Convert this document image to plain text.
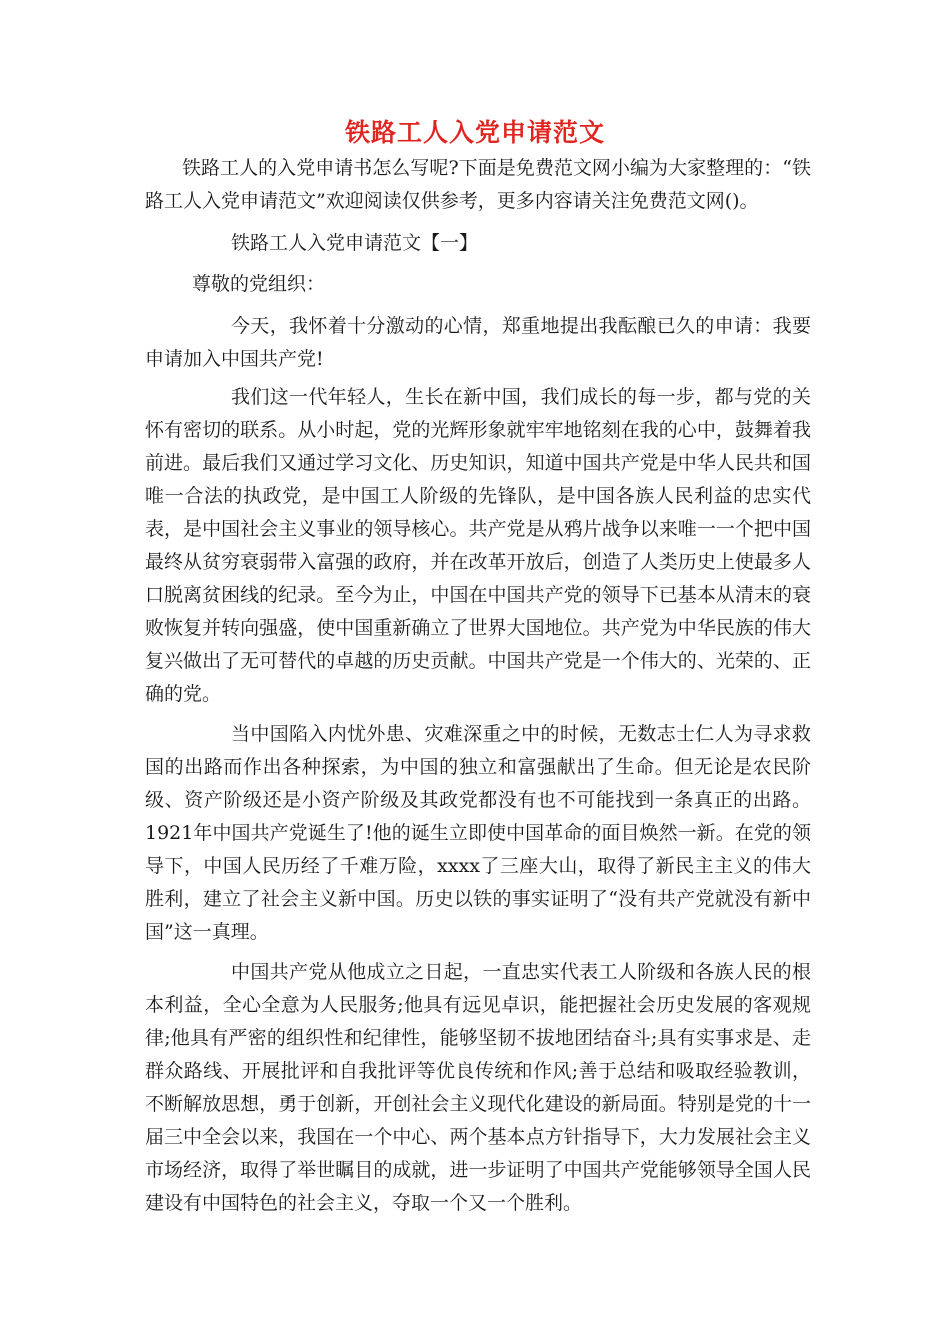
铁路工人入党申请范文

铁路工人的入党申请书怎么写呢?下面是免费范文网小编为大家整理的：“铁路工人入党申请范文”欢迎阅读仅供参考，更多内容请关注免费范文网()。

铁路工人入党申请范文【一】

尊敬的党组织：

今天，我怀着十分激动的心情，郑重地提出我酝酿已久的申请：我要申请加入中国共产党!

我们这一代年轻人，生长在新中国，我们成长的每一步，都与党的关怀有密切的联系。从小时起，党的光辉形象就牢牢地铭刻在我的心中，鼓舞着我前进。最后我们又通过学习文化、历史知识，知道中国共产党是中华人民共和国唯一合法的执政党，是中国工人阶级的先锋队，是中国各族人民利益的忠实代表，是中国社会主义事业的领导核心。共产党是从鸦片战争以来唯一一个把中国最终从贫穷衰弱带入富强的政府，并在改革开放后，创造了人类历史上使最多人口脱离贫困线的纪录。至今为止，中国在中国共产党的领导下已基本从清末的衰败恢复并转向强盛，使中国重新确立了世界大国地位。共产党为中华民族的伟大复兴做出了无可替代的卓越的历史贡献。中国共产党是一个伟大的、光荣的、正确的党。

当中国陷入内忧外患、灾难深重之中的时候，无数志士仁人为寻求救国的出路而作出各种探索，为中国的独立和富强献出了生命。但无论是农民阶级、资产阶级还是小资产阶级及其政党都没有也不可能找到一条真正的出路。1921年中国共产党诞生了!他的诞生立即使中国革命的面目焕然一新。在党的领导下，中国人民历经了千难万险，xxxx了三座大山，取得了新民主主义的伟大胜利，建立了社会主义新中国。历史以铁的事实证明了“没有共产党就没有新中国”这一真理。

中国共产党从他成立之日起，一直忠实代表工人阶级和各族人民的根本利益，全心全意为人民服务;他具有远见卓识，能把握社会历史发展的客观规律;他具有严密的组织性和纪律性，能够坚韧不拔地团结奋斗;具有实事求是、走群众路线、开展批评和自我批评等优良传统和作风;善于总结和吸取经验教训，不断解放思想，勇于创新，开创社会主义现代化建设的新局面。特别是党的十一届三中全会以来，我国在一个中心、两个基本点方针指导下，大力发展社会主义市场经济，取得了举世瞩目的成就，进一步证明了中国共产党能够领导全国人民建设有中国特色的社会主义，夺取一个又一个胜利。
